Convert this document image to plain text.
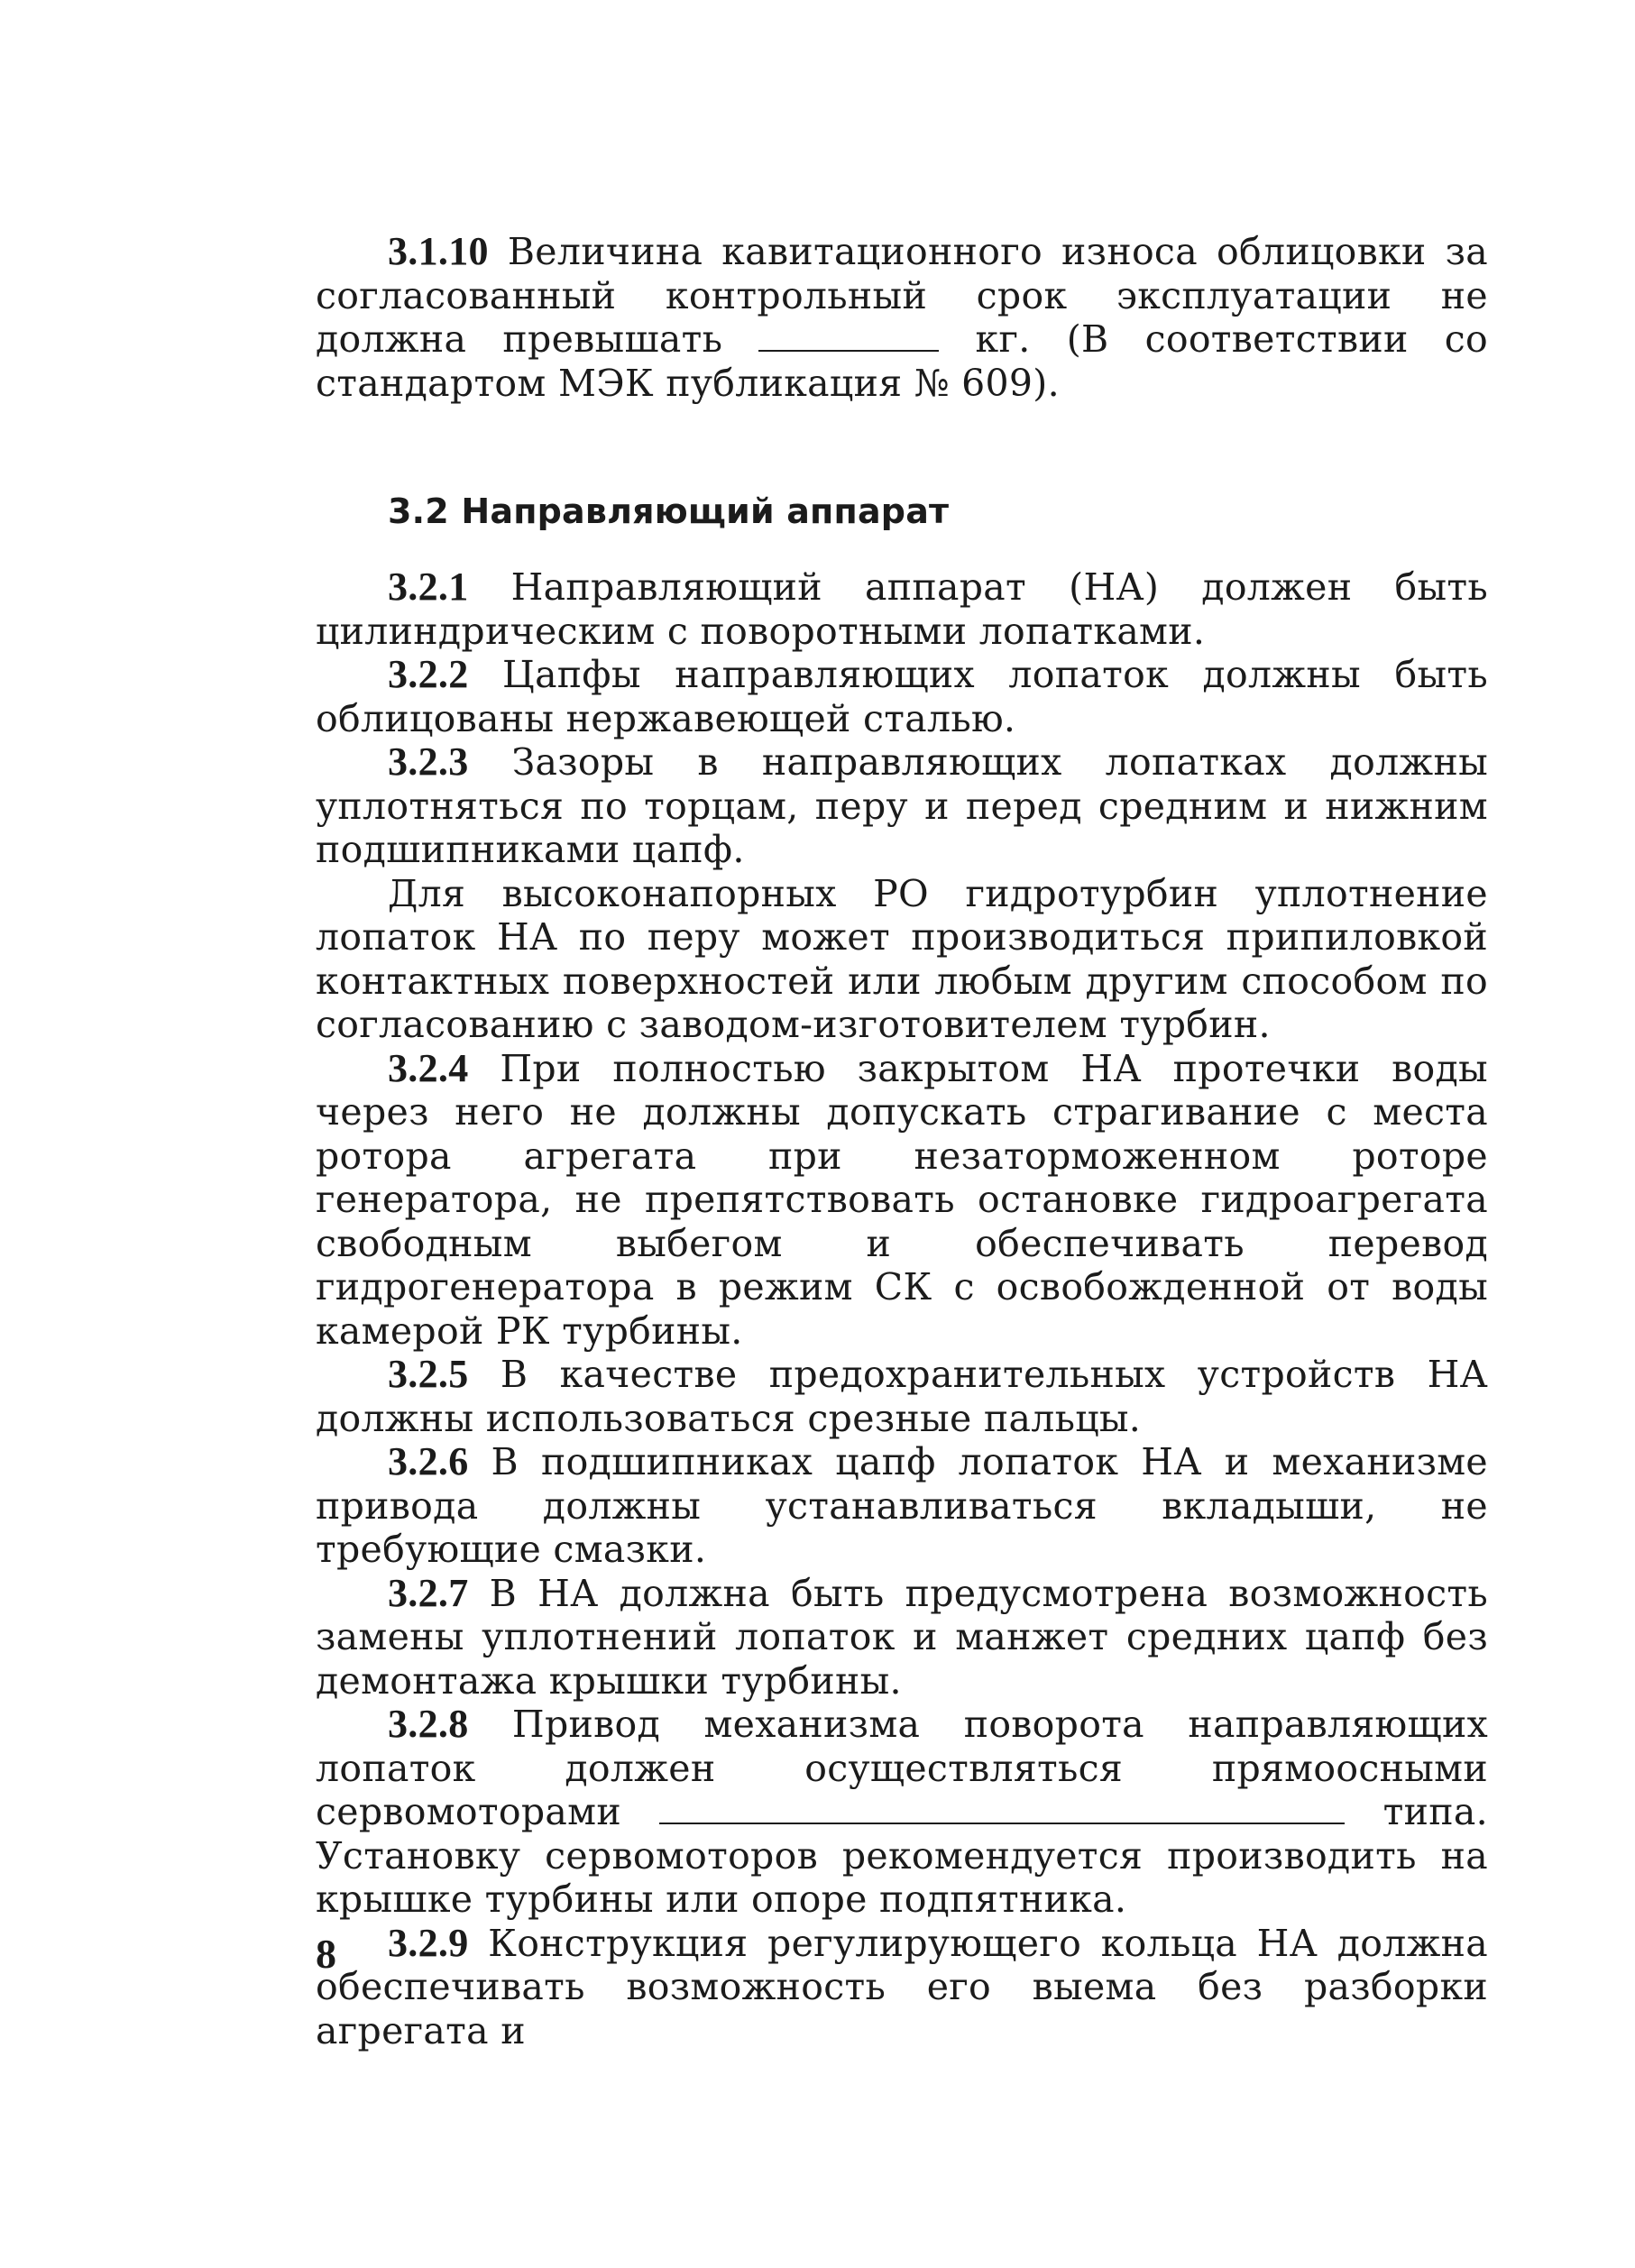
3.1.10 Величина кавитационного износа облицовки за согласованный контрольный срок эксплуатации не должна превышать	кг. (В соответствии со стандартом МЭК публикация № 609).

3.2 Направляющий аппарат

3.2.1 Направляющий аппарат (НА) должен быть цилиндрическим с поворотными лопатками.

3.2.2 Цапфы направляющих лопаток должны быть облицованы нержавеющей сталью.

3.2.3 Зазоры в направляющих лопатках должны уплотняться по торцам, перу и перед средним и нижним подшипниками цапф.

Для высоконапорных РО гидротурбин уплотнение лопаток НА по перу может производиться припиловкой контактных поверхностей или любым другим способом по согласованию с заводом-изготовителем турбин.

3.2.4 При полностью закрытом НА протечки воды через него не должны допускать страгивание с места ротора агрегата при незаторможенном роторе генератора, не препятствовать остановке гидроагрегата свободным выбегом и обеспечивать перевод гидрогенератора в режим СК с освобожденной от воды камерой РК турбины.

3.2.5 В качестве предохранительных устройств НА должны использоваться срезные пальцы.

3.2.6 В подшипниках цапф лопаток НА и механизме привода должны устанавливаться вкладыши, не требующие смазки.

3.2.7 В НА должна быть предусмотрена возможность замены уплотнений лопаток и манжет средних цапф без демонтажа крышки турбины.

3.2.8 Привод механизма поворота направляющих лопаток должен осуществляться прямоосными сервомоторами	типа. Установку сервомоторов рекомендуется производить на крышке турбины или опоре подпятника.

3.2.9 Конструкция регулирующего кольца НА должна обеспечивать возможность его выема без разборки агрегата и

8
